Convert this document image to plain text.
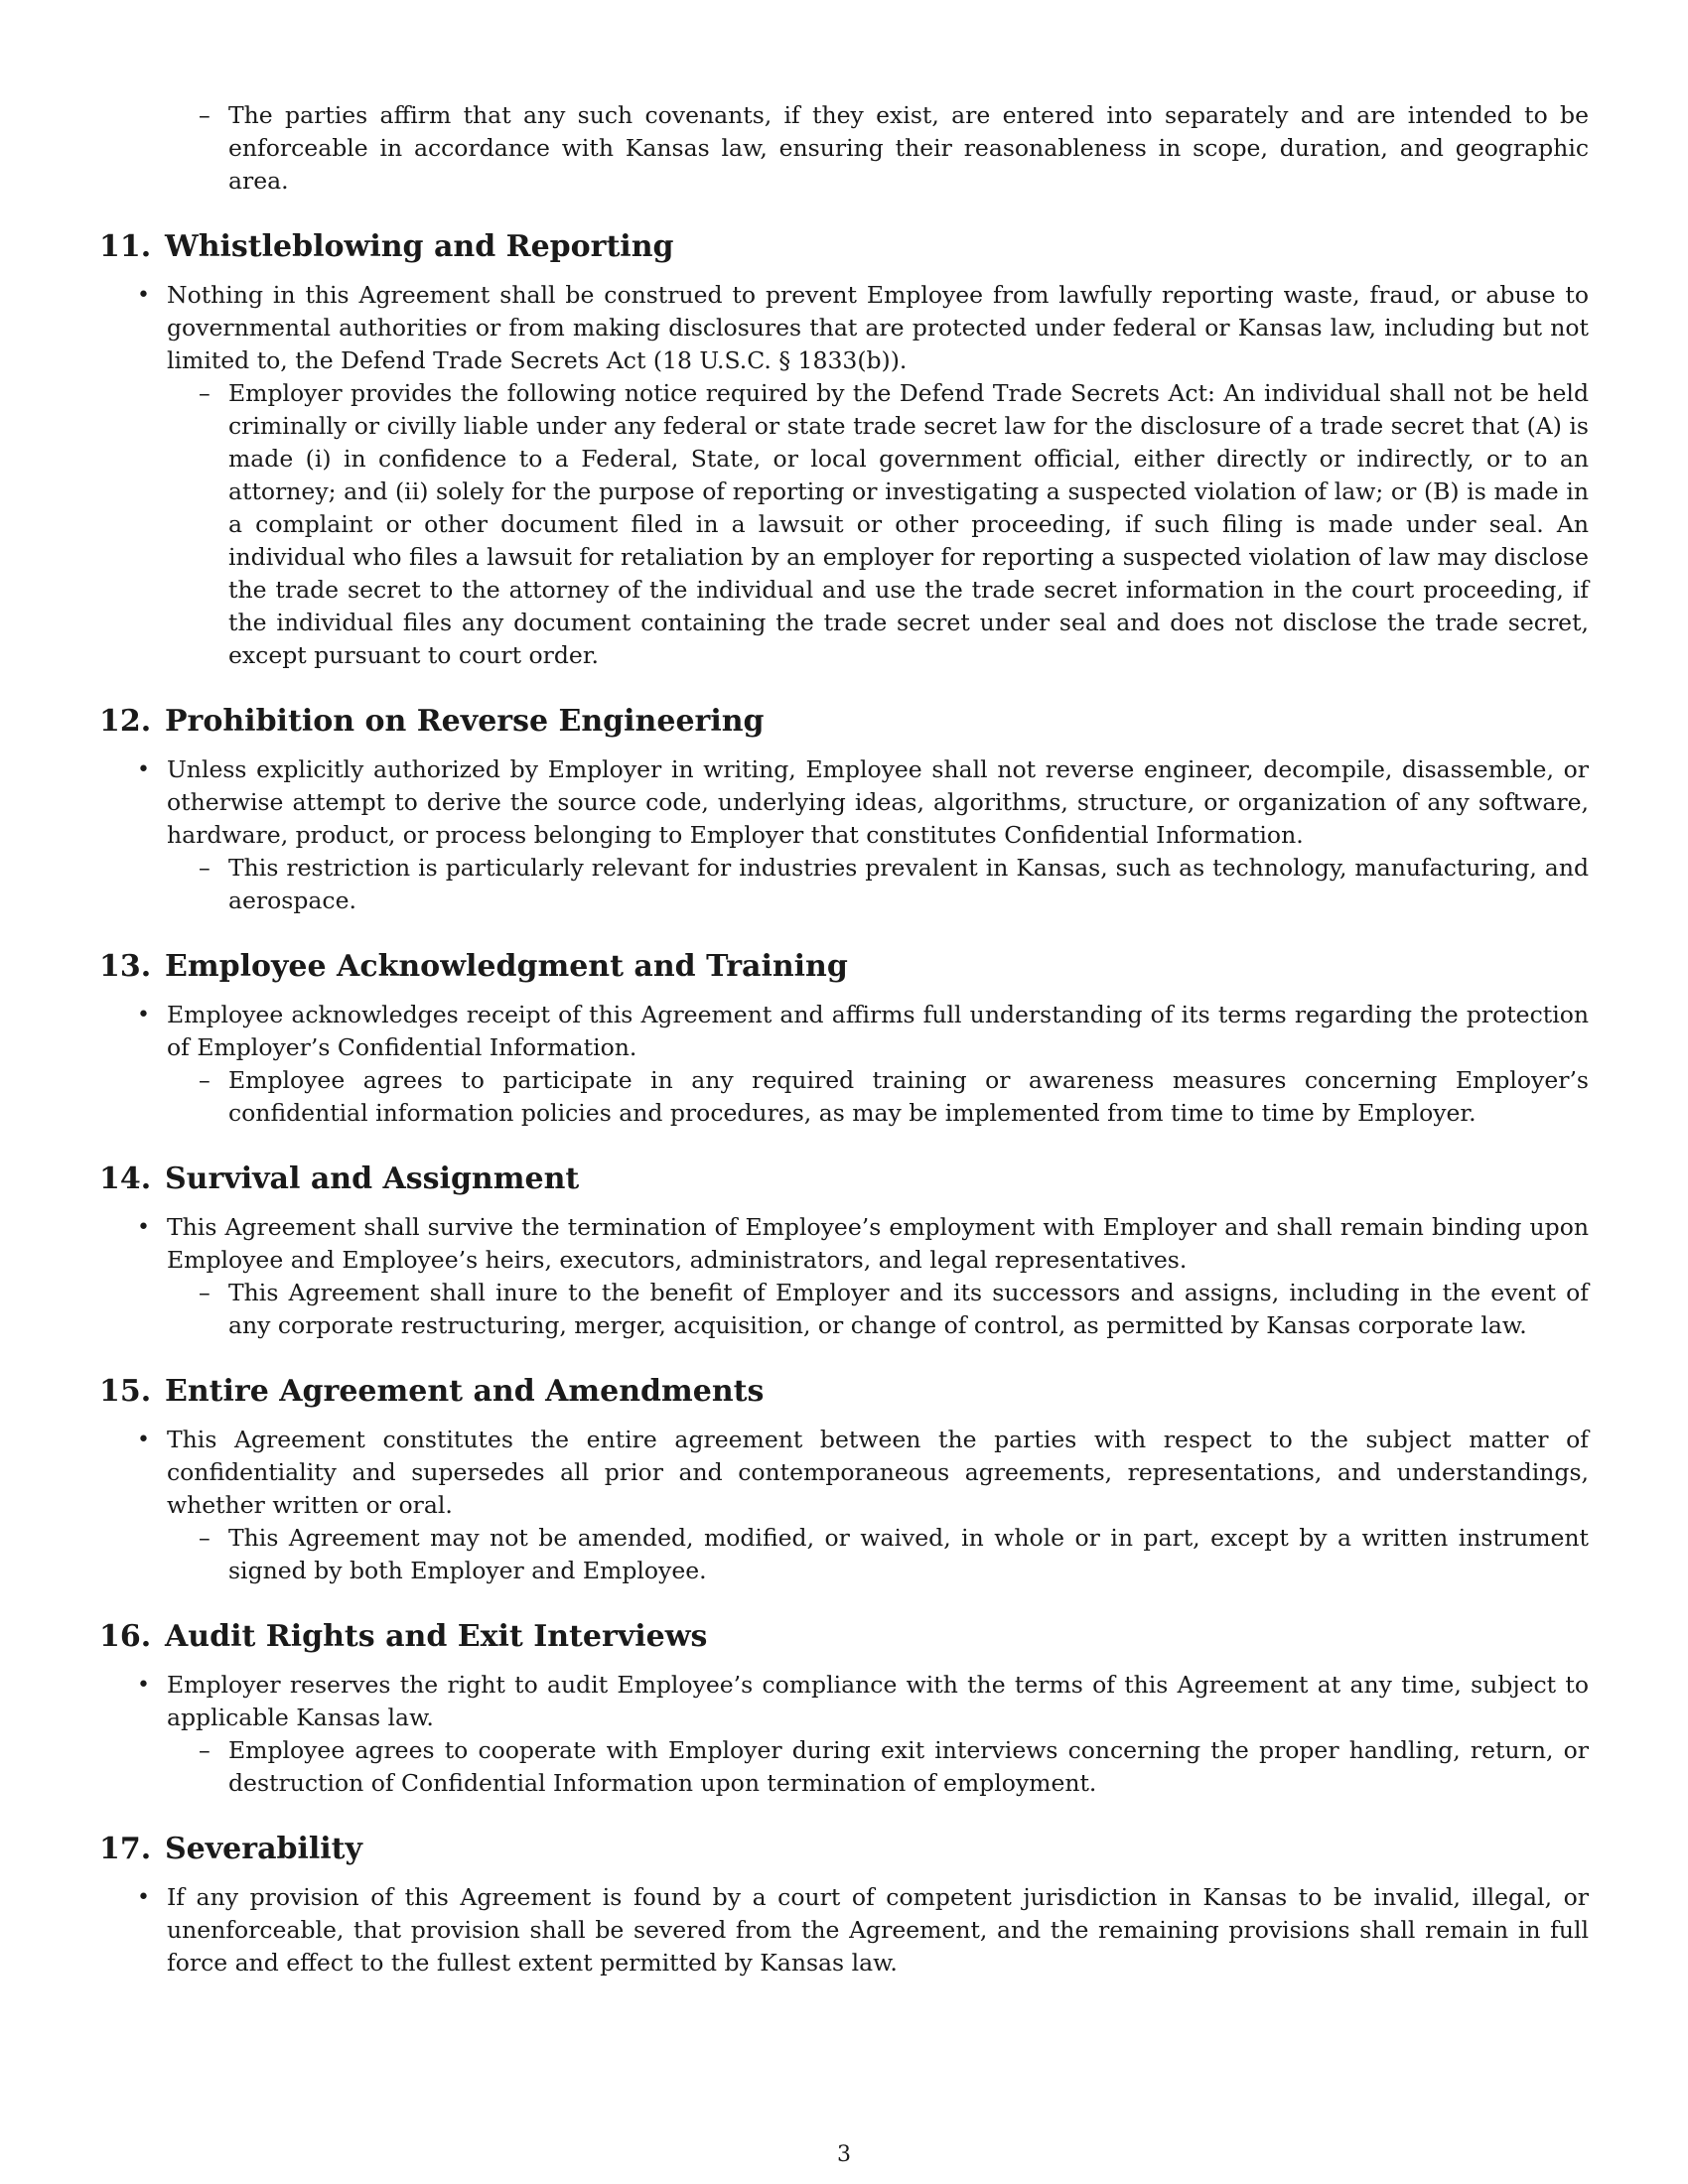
– The parties affirm that any such covenants, if they exist, are entered into separately and are intended to be enforceable in accordance with Kansas law, ensuring their reasonableness in scope, duration, and geographic area.
11. Whistleblowing and Reporting
• Nothing in this Agreement shall be construed to prevent Employee from lawfully reporting waste, fraud, or abuse to governmental authorities or from making disclosures that are protected under federal or Kansas law, including but not limited to, the Defend Trade Secrets Act (18 U.S.C. § 1833(b)).
– Employer provides the following notice required by the Defend Trade Secrets Act: An individual shall not be held criminally or civilly liable under any federal or state trade secret law for the disclosure of a trade secret that (A) is made (i) in confidence to a Federal, State, or local government official, either directly or indirectly, or to an attorney; and (ii) solely for the purpose of reporting or investigating a suspected violation of law; or (B) is made in a complaint or other document filed in a lawsuit or other proceeding, if such filing is made under seal. An individual who files a lawsuit for retaliation by an employer for reporting a suspected violation of law may disclose the trade secret to the attorney of the individual and use the trade secret information in the court proceeding, if the individual files any document containing the trade secret under seal and does not disclose the trade secret, except pursuant to court order.
12. Prohibition on Reverse Engineering
• Unless explicitly authorized by Employer in writing, Employee shall not reverse engineer, decompile, disassemble, or otherwise attempt to derive the source code, underlying ideas, algorithms, structure, or organization of any software, hardware, product, or process belonging to Employer that constitutes Confidential Information.
– This restriction is particularly relevant for industries prevalent in Kansas, such as technology, manufacturing, and aerospace.
13. Employee Acknowledgment and Training
• Employee acknowledges receipt of this Agreement and affirms full understanding of its terms regarding the protection of Employer’s Confidential Information.
– Employee agrees to participate in any required training or awareness measures concerning Employer’s confidential information policies and procedures, as may be implemented from time to time by Employer.
14. Survival and Assignment
• This Agreement shall survive the termination of Employee’s employment with Employer and shall remain binding upon Employee and Employee’s heirs, executors, administrators, and legal representatives.
– This Agreement shall inure to the benefit of Employer and its successors and assigns, including in the event of any corporate restructuring, merger, acquisition, or change of control, as permitted by Kansas corporate law.
15. Entire Agreement and Amendments
• This Agreement constitutes the entire agreement between the parties with respect to the subject matter of confidentiality and supersedes all prior and contemporaneous agreements, representations, and understandings, whether written or oral.
– This Agreement may not be amended, modified, or waived, in whole or in part, except by a written instrument signed by both Employer and Employee.
16. Audit Rights and Exit Interviews
• Employer reserves the right to audit Employee’s compliance with the terms of this Agreement at any time, subject to applicable Kansas law.
– Employee agrees to cooperate with Employer during exit interviews concerning the proper handling, return, or destruction of Confidential Information upon termination of employment.
17. Severability
• If any provision of this Agreement is found by a court of competent jurisdiction in Kansas to be invalid, illegal, or unenforceable, that provision shall be severed from the Agreement, and the remaining provisions shall remain in full force and effect to the fullest extent permitted by Kansas law.
3
